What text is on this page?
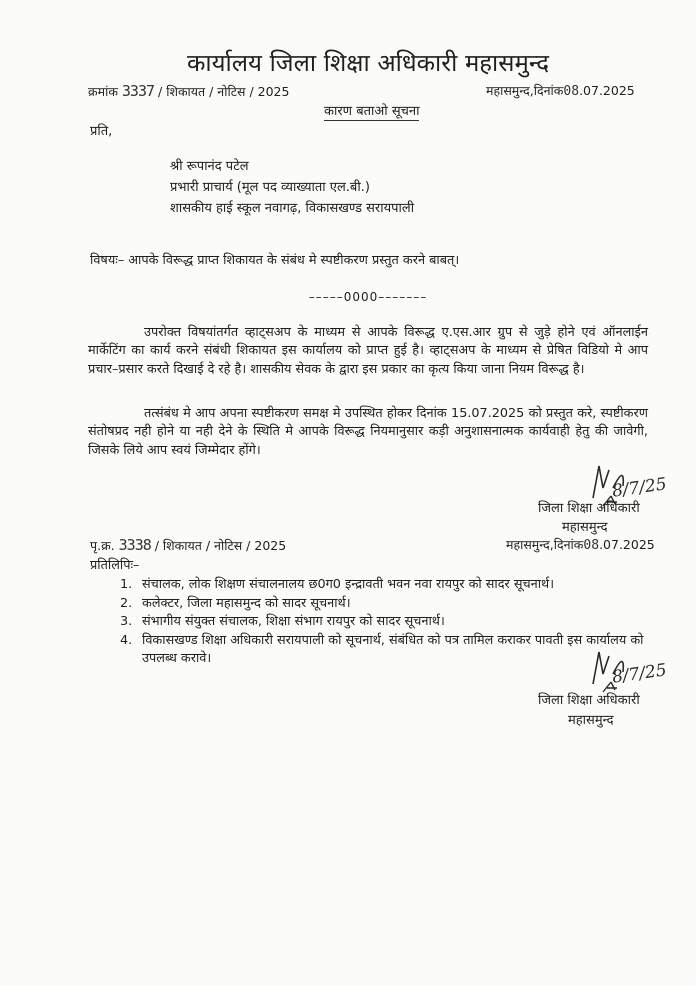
कार्यालय जिला शिक्षा अधिकारी महासमुन्द
क्रमांक 3337 / शिकायत / नोटिस / 2025	महासमुन्द,दिनांक08.07.2025
कारण बताओ सूचना
प्रति,
श्री रूपानंद पटेल
प्रभारी प्राचार्य (मूल पद व्याख्याता एल.बी.)
शासकीय हाई स्कूल नवागढ़, विकासखण्ड सरायपाली
विषयः– आपके विरूद्ध प्राप्त शिकायत के संबंध मे स्पष्टीकरण प्रस्तुत करने बाबत्।
–––––0000–––––––
उपरोक्त विषयांतर्गत व्हाट्सअप के माध्यम से आपके विरूद्ध ए.एस.आर ग्रुप से जुड़े होने एवं ऑनलाईन मार्केटिंग का कार्य करने संबंधी शिकायत इस कार्यालय को प्राप्त हुई है। व्हाट्सअप के माध्यम से प्रेषित विडियो मे आप प्रचार–प्रसार करते दिखाई दे रहे है। शासकीय सेवक के द्वारा इस प्रकार का कृत्य किया जाना नियम विरूद्ध है।
तत्संबंध मे आप अपना स्पष्टीकरण समक्ष मे उपस्थित होकर दिनांक 15.07.2025 को प्रस्तुत करे, स्पष्टीकरण संतोषप्रद नही होने या नही देने के स्थिति मे आपके विरूद्ध नियमानुसार कड़ी अनुशासनात्मक कार्यवाही हेतु की जावेगी, जिसके लिये आप स्वयं जिम्मेदार होंगे।
8/7/25
जिला शिक्षा अधिकारी
महासमुन्द
पृ.क्र. 3338 / शिकायत / नोटिस / 2025	महासमुन्द,दिनांक08.07.2025
प्रतिलिपिः–
1. संचालक, लोक शिक्षण संचालनालय छ0ग0 इन्द्रावती भवन नवा रायपुर को सादर सूचनार्थ।
2. कलेक्टर, जिला महासमुन्द को सादर सूचनार्थ।
3. संभागीय संयुक्त संचालक, शिक्षा संभाग रायपुर को सादर सूचनार्थ।
4. विकासखण्ड शिक्षा अधिकारी सरायपाली को सूचनार्थ, संबंधित को पत्र तामिल कराकर पावती इस कार्यालय को उपलब्ध करावे।
8/7/25
जिला शिक्षा अधिकारी
महासमुन्द
